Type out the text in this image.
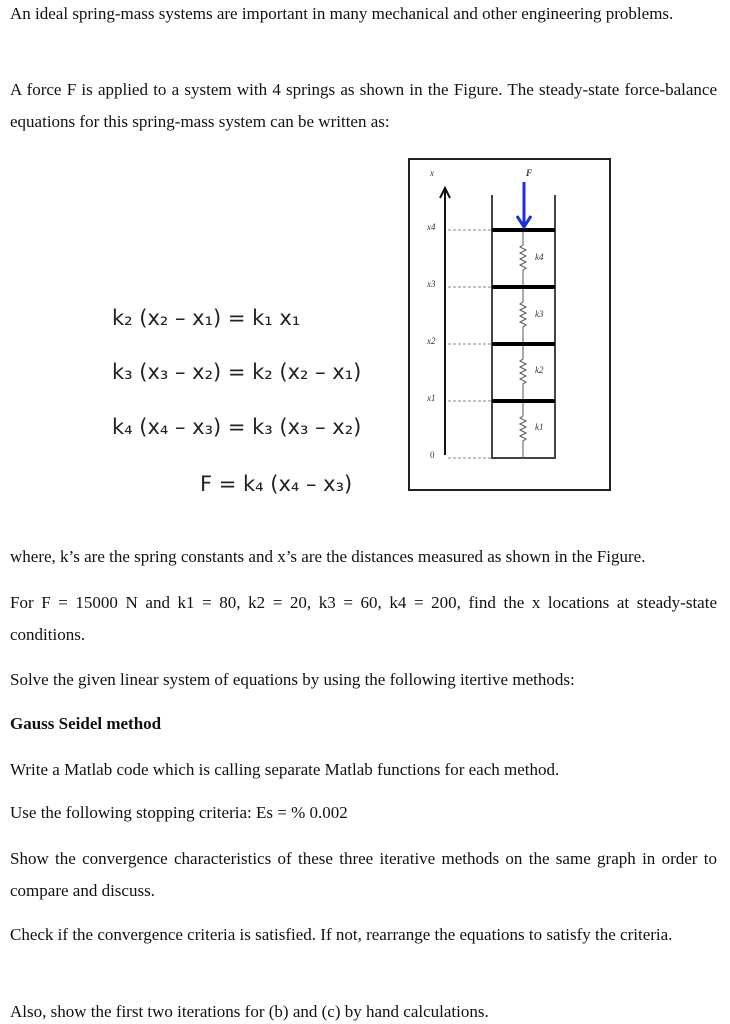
An ideal spring-mass systems are important in many mechanical and other engineering problems.
A force F is applied to a system with 4 springs as shown in the Figure. The steady-state force-balance equations for this spring-mass system can be written as:
k₂ (x₂ – x₁) = k₁ x₁
k₃ (x₃ – x₂) = k₂ (x₂ – x₁)
k₄ (x₄ – x₃) = k₃ (x₃ – x₂)
F = k₄ (x₄ – x₃)
x	F
x4
x3
x2
x1
0
k4
k3
k2
k1
where, k’s are the spring constants and x’s are the distances measured as shown in the Figure.
For F = 15000 N and k1 = 80, k2 = 20, k3 = 60, k4 = 200, find the x locations at steady-state conditions.
Solve the given linear system of equations by using the following itertive methods:
Gauss Seidel method
Write a Matlab code which is calling separate Matlab functions for each method.
Use the following stopping criteria: Es = % 0.002
Show the convergence characteristics of these three iterative methods on the same graph in order to compare and discuss.
Check if the convergence criteria is satisfied. If not, rearrange the equations to satisfy the criteria.
Also, show the first two iterations for (b) and (c) by hand calculations.
